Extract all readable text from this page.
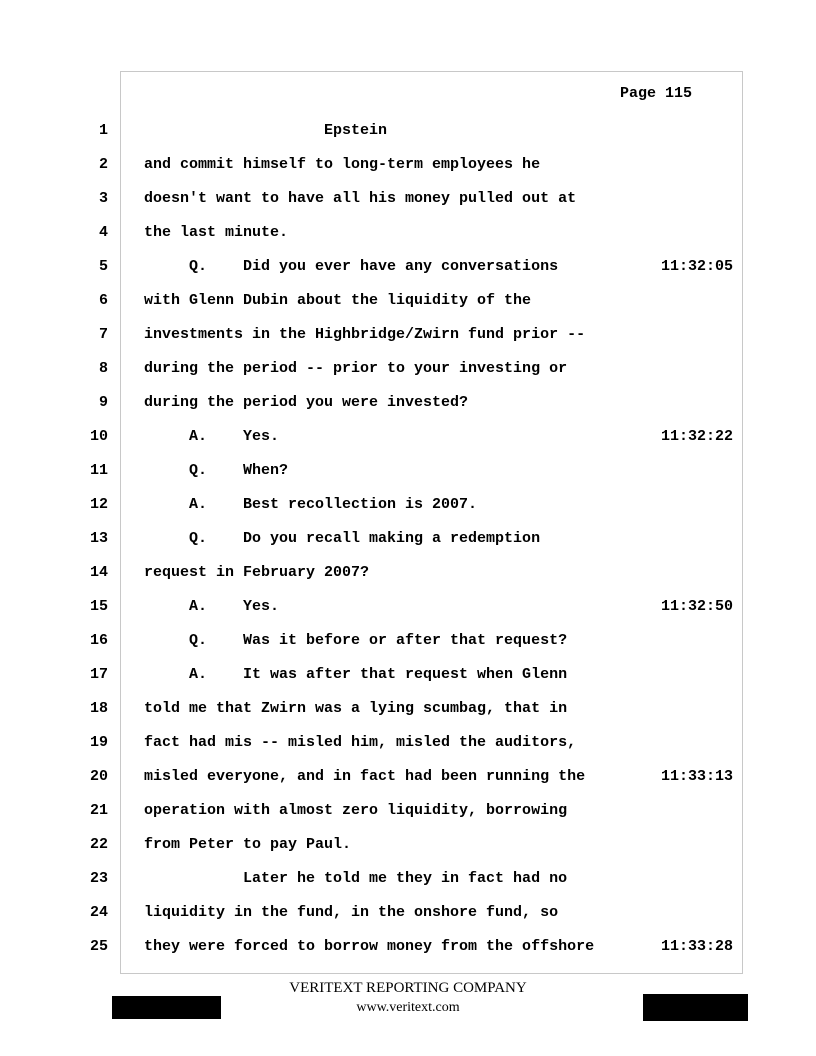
Page 115
1 Epstein
2 and commit himself to long-term employees he
3 doesn't want to have all his money pulled out at
4 the last minute.
5 Q.    Did you ever have any conversations	11:32:05
6 with Glenn Dubin about the liquidity of the
7 investments in the Highbridge/Zwirn fund prior --
8 during the period -- prior to your investing or
9 during the period you were invested?
10 A.    Yes.	11:32:22
11 Q.    When?
12 A.    Best recollection is 2007.
13 Q.    Do you recall making a redemption
14 request in February 2007?
15 A.    Yes.	11:32:50
16 Q.    Was it before or after that request?
17 A.    It was after that request when Glenn
18 told me that Zwirn was a lying scumbag, that in
19 fact had mis -- misled him, misled the auditors,
20 misled everyone, and in fact had been running the	11:33:13
21 operation with almost zero liquidity, borrowing
22 from Peter to pay Paul.
23 Later he told me they in fact had no
24 liquidity in the fund, in the onshore fund, so
25 they were forced to borrow money from the offshore	11:33:28
VERITEXT REPORTING COMPANY
www.veritext.com
